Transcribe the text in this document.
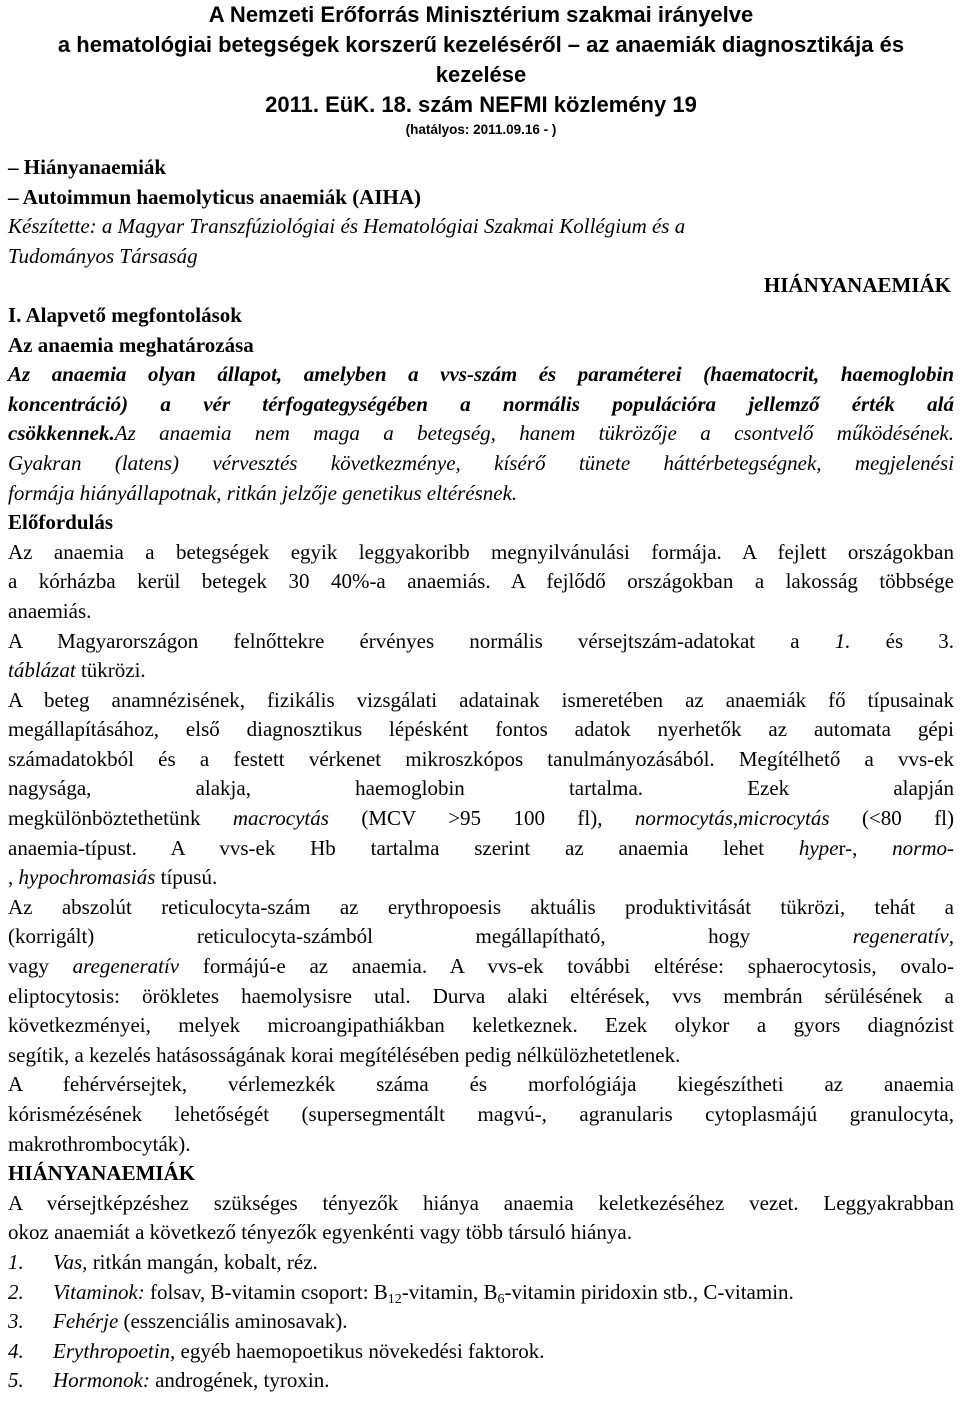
A Nemzeti Erőforrás Minisztérium szakmai irányelve
a hematológiai betegségek korszerű kezeléséről – az anaemiák diagnosztikája és
kezelése
2011. EüK. 18. szám NEFMI közlemény 19
(hatályos: 2011.09.16 - )
– Hiányanaemiák
– Autoimmun haemolyticus anaemiák (AIHA)
Készítette: a Magyar Transzfúziológiai és Hematológiai Szakmai Kollégium és a
Tudományos Társaság
HIÁNYANAEMIÁK
I. Alapvető megfontolások
Az anaemia meghatározása
Az anaemia olyan állapot, amelyben a vvs-szám és paraméterei (haematocrit, haemoglobin
koncentráció) a vér térfogategységében a normális populációra jellemző érték alá
csökkennek.Az anaemia nem maga a betegség, hanem tükrözője a csontvelő működésének.
Gyakran (latens) vérvesztés következménye, kísérő tünete háttérbetegségnek, megjelenési
formája hiányállapotnak, ritkán jelzője genetikus eltérésnek.
Előfordulás
Az anaemia a betegségek egyik leggyakoribb megnyilvánulási formája. A fejlett országokban
a kórházba kerül betegek 30 40%-a anaemiás. A fejlődő országokban a lakosság többsége
anaemiás.
A Magyarországon felnőttekre érvényes normális vérsejtszám-adatokat a 1. és 3.
táblázat tükrözi.
A beteg anamnézisének, fizikális vizsgálati adatainak ismeretében az anaemiák fő típusainak
megállapításához, első diagnosztikus lépésként fontos adatok nyerhetők az automata gépi
számadatokból és a festett vérkenet mikroszkópos tanulmányozásából. Megítélhető a vvs-ek
nagysága, alakja, haemoglobin tartalma. Ezek alapján
megkülönböztethetünk macrocytás (MCV >95 100 fl), normocytás,microcytás (<80 fl)
anaemia-típust. A vvs-ek Hb tartalma szerint az anaemia lehet hyper-, normo-
, hypochromasiás típusú.
Az abszolút reticulocyta-szám az erythropoesis aktuális produktivitását tükrözi, tehát a
(korrigált) reticulocyta-számból megállapítható, hogy	regeneratív,
vagy aregeneratív formájú-e az anaemia. A vvs-ek további eltérése: sphaerocytosis, ovalo-
eliptocytosis: örökletes haemolysisre utal. Durva alaki eltérések, vvs membrán sérülésének a
következményei, melyek microangipathiákban keletkeznek. Ezek olykor a gyors diagnózist
segítik, a kezelés hatásosságának korai megítélésében pedig nélkülözhetetlenek.
A fehérvérsejtek, vérlemezkék száma és morfológiája kiegészítheti az anaemia
kórismézésének lehetőségét (supersegmentált magvú-, agranularis cytoplasmájú granulocyta,
makrothrombocyták).
HIÁNYANAEMIÁK
A vérsejtképzéshez szükséges tényezők hiánya anaemia keletkezéséhez vezet. Leggyakrabban
okoz anaemiát a következő tényezők egyenkénti vagy több társuló hiánya.
1. Vas, ritkán mangán, kobalt, réz.
2. Vitaminok: folsav, B-vitamin csoport: $B_{12}$-vitamin, $B_6$-vitamin piridoxin stb., C-vitamin.
3. Fehérje (esszenciális aminosavak).
4. Erythropoetin, egyéb haemopoetikus növekedési faktorok.
5. Hormonok: androgének, tyroxin.
